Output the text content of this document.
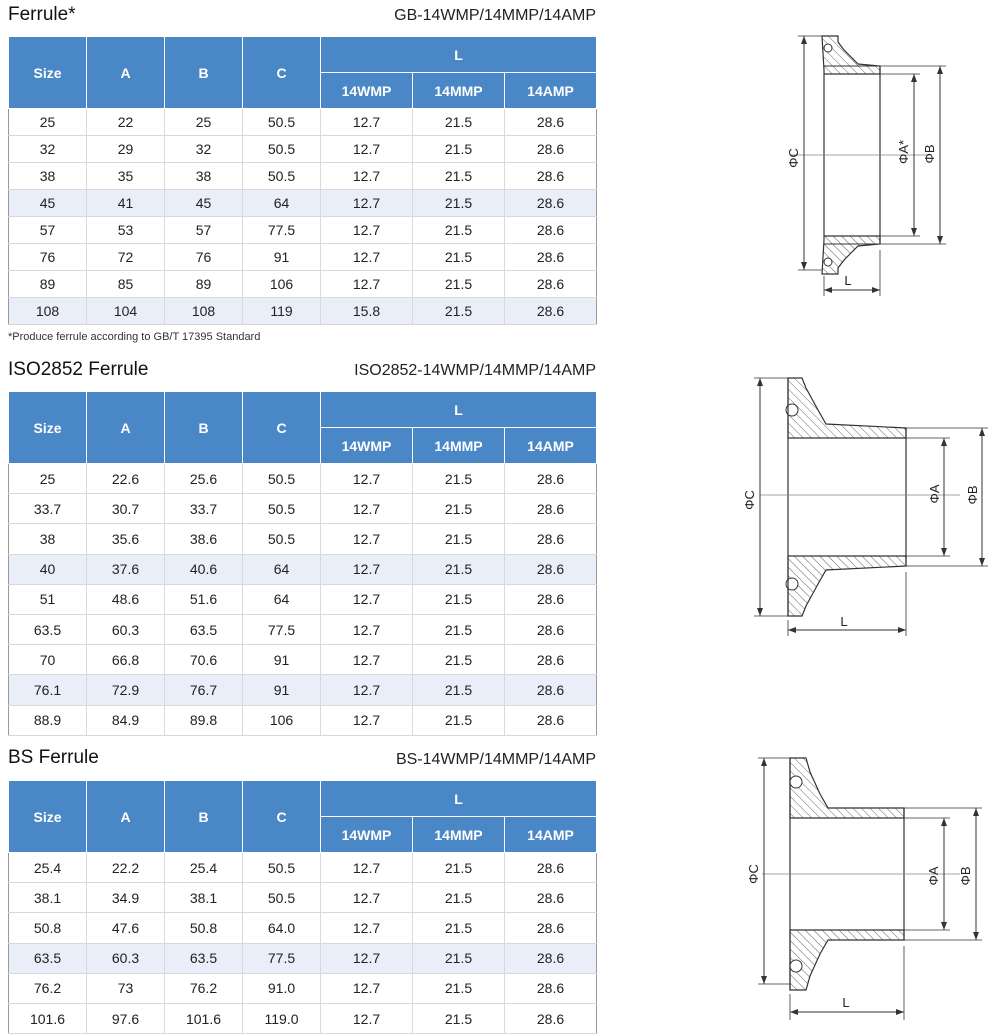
Ferrule*	GB-14WMP/14MMP/14AMP
Size	A	B	C	L		
				14WMP	14MMP	14AMP
25	22	25	50.5	12.7	21.5	28.6
32	29	32	50.5	12.7	21.5	28.6
38	35	38	50.5	12.7	21.5	28.6
45	41	45	64	12.7	21.5	28.6
57	53	57	77.5	12.7	21.5	28.6
76	72	76	91	12.7	21.5	28.6
89	85	89	106	12.7	21.5	28.6
108	104	108	119	15.8	21.5	28.6
*Produce ferrule according to GB/T 17395 Standard
ΦC	ΦA* ΦB
L
ISO2852 Ferrule	ISO2852-14WMP/14MMP/14AMP
Size	A	B	C	L		
				14WMP	14MMP	14AMP
25	22.6	25.6	50.5	12.7	21.5	28.6
33.7	30.7	33.7	50.5	12.7	21.5	28.6
38	35.6	38.6	50.5	12.7	21.5	28.6
40	37.6	40.6	64	12.7	21.5	28.6
51	48.6	51.6	64	12.7	21.5	28.6
63.5	60.3	63.5	77.5	12.7	21.5	28.6
70	66.8	70.6	91	12.7	21.5	28.6
76.1	72.9	76.7	91	12.7	21.5	28.6
88.9	84.9	89.8	106	12.7	21.5	28.6
ΦC	ΦA ΦB
L
BS Ferrule	BS-14WMP/14MMP/14AMP
Size	A	B	C	L		
				14WMP	14MMP	14AMP
25.4	22.2	25.4	50.5	12.7	21.5	28.6
38.1	34.9	38.1	50.5	12.7	21.5	28.6
50.8	47.6	50.8	64.0	12.7	21.5	28.6
63.5	60.3	63.5	77.5	12.7	21.5	28.6
76.2	73	76.2	91.0	12.7	21.5	28.6
101.6	97.6	101.6	119.0	12.7	21.5	28.6
ΦC	ΦA ΦB
L
